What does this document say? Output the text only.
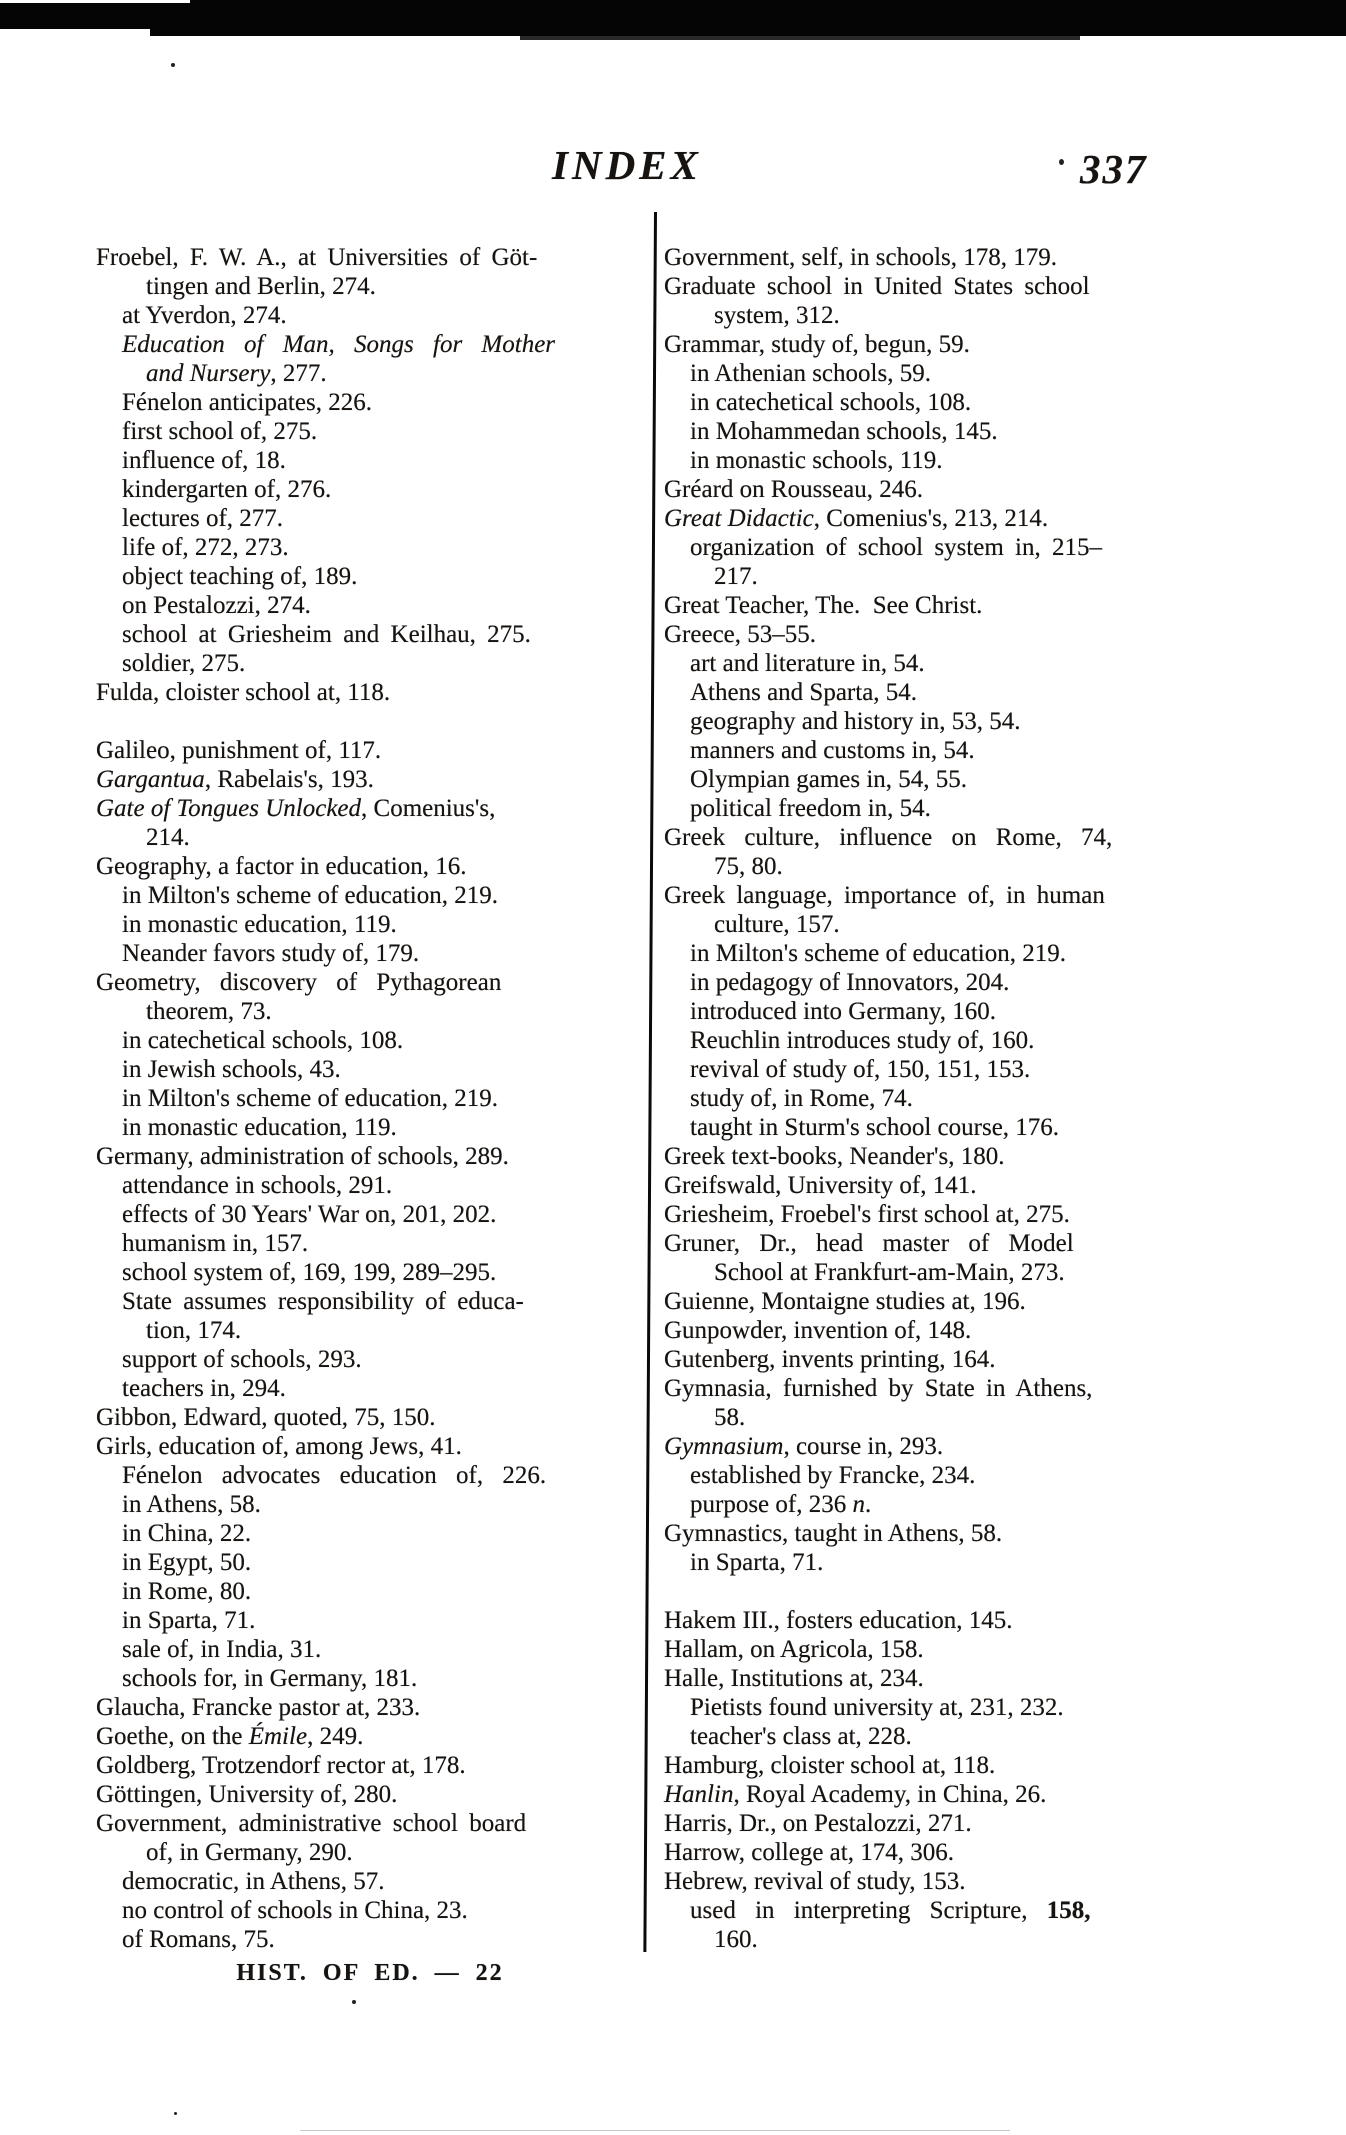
INDEX	337
Froebel, F. W. A., at Universities of Göt-
tingen and Berlin, 274.
at Yverdon, 274.
Education of Man, Songs for Mother
and Nursery, 277.
Fénelon anticipates, 226.
first school of, 275.
influence of, 18.
kindergarten of, 276.
lectures of, 277.
life of, 272, 273.
object teaching of, 189.
on Pestalozzi, 274.
school at Griesheim and Keilhau, 275.
soldier, 275.
Fulda, cloister school at, 118.
Galileo, punishment of, 117.
Gargantua, Rabelais's, 193.
Gate of Tongues Unlocked, Comenius's,
214.
Geography, a factor in education, 16.
in Milton's scheme of education, 219.
in monastic education, 119.
Neander favors study of, 179.
Geometry, discovery of Pythagorean
theorem, 73.
in catechetical schools, 108.
in Jewish schools, 43.
in Milton's scheme of education, 219.
in monastic education, 119.
Germany, administration of schools, 289.
attendance in schools, 291.
effects of 30 Years' War on, 201, 202.
humanism in, 157.
school system of, 169, 199, 289–295.
State assumes responsibility of educa-
tion, 174.
support of schools, 293.
teachers in, 294.
Gibbon, Edward, quoted, 75, 150.
Girls, education of, among Jews, 41.
Fénelon advocates education of, 226.
in Athens, 58.
in China, 22.
in Egypt, 50.
in Rome, 80.
in Sparta, 71.
sale of, in India, 31.
schools for, in Germany, 181.
Glaucha, Francke pastor at, 233.
Goethe, on the Émile, 249.
Goldberg, Trotzendorf rector at, 178.
Göttingen, University of, 280.
Government, administrative school board
of, in Germany, 290.
democratic, in Athens, 57.
no control of schools in China, 23.
of Romans, 75.
Government, self, in schools, 178, 179.
Graduate school in United States school
system, 312.
Grammar, study of, begun, 59.
in Athenian schools, 59.
in catechetical schools, 108.
in Mohammedan schools, 145.
in monastic schools, 119.
Gréard on Rousseau, 246.
Great Didactic, Comenius's, 213, 214.
organization of school system in, 215–
217.
Great Teacher, The.  See Christ.
Greece, 53–55.
art and literature in, 54.
Athens and Sparta, 54.
geography and history in, 53, 54.
manners and customs in, 54.
Olympian games in, 54, 55.
political freedom in, 54.
Greek culture, influence on Rome, 74,
75, 80.
Greek language, importance of, in human
culture, 157.
in Milton's scheme of education, 219.
in pedagogy of Innovators, 204.
introduced into Germany, 160.
Reuchlin introduces study of, 160.
revival of study of, 150, 151, 153.
study of, in Rome, 74.
taught in Sturm's school course, 176.
Greek text-books, Neander's, 180.
Greifswald, University of, 141.
Griesheim, Froebel's first school at, 275.
Gruner, Dr., head master of Model
School at Frankfurt-am-Main, 273.
Guienne, Montaigne studies at, 196.
Gunpowder, invention of, 148.
Gutenberg, invents printing, 164.
Gymnasia, furnished by State in Athens,
58.
Gymnasium, course in, 293.
established by Francke, 234.
purpose of, 236 n.
Gymnastics, taught in Athens, 58.
in Sparta, 71.
Hakem III., fosters education, 145.
Hallam, on Agricola, 158.
Halle, Institutions at, 234.
Pietists found university at, 231, 232.
teacher's class at, 228.
Hamburg, cloister school at, 118.
Hanlin, Royal Academy, in China, 26.
Harris, Dr., on Pestalozzi, 271.
Harrow, college at, 174, 306.
Hebrew, revival of study, 153.
used in interpreting Scripture, 158,
160.
HIST. OF ED. — 22
